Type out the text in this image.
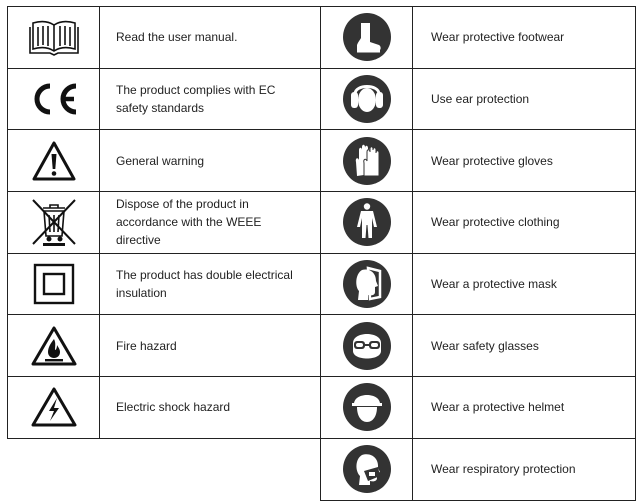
Read the user manual.
The product complies with EC
safety standards
General warning
Dispose of the product in
accordance with the WEEE
directive
The product has double electrical
insulation
Fire hazard
Electric shock hazard
Wear protective footwear
Use ear protection
Wear protective gloves
Wear protective clothing
Wear a protective mask
Wear safety glasses
Wear a protective helmet
Wear respiratory protection
